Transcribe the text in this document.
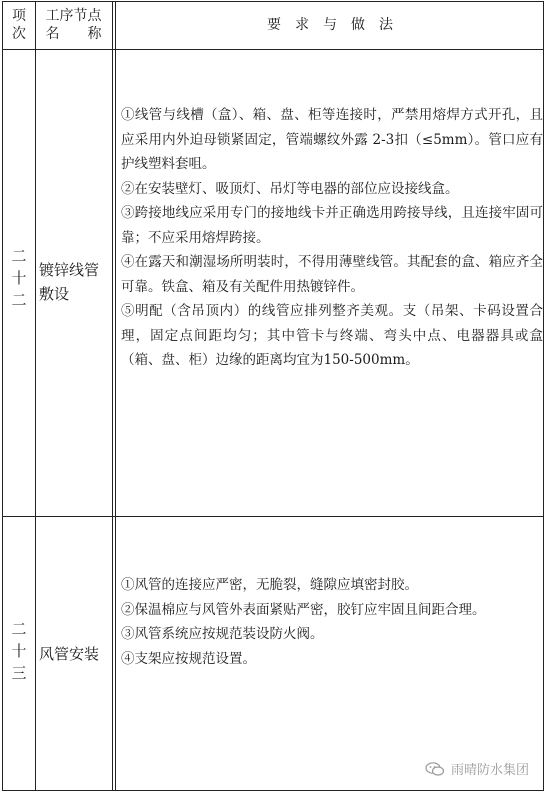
项
次
工序节点
名　　称
要求与做法
二
十
二
镀锌线管
敷设

①线管与线槽（盒）、箱、盘、柜等连接时，严禁用熔焊方式开孔，且应采用内外迫母锁紧固定，管端螺纹外露 2-3扣（≤5mm）。管口应有护线塑料套咀。

②在安装壁灯、吸顶灯、吊灯等电器的部位应设接线盒。

③跨接地线应采用专门的接地线卡并正确选用跨接导线，且连接牢固可靠；不应采用熔焊跨接。

④在露天和潮湿场所明装时，不得用薄壁线管。其配套的盒、箱应齐全可靠。铁盒、箱及有关配件用热镀锌件。

⑤明配（含吊顶内）的线管应排列整齐美观。支（吊架、卡码设置合理，固定点间距均匀；其中管卡与终端、弯头中点、电器器具或盒（箱、盘、柜）边缘的距离均宜为150-500mm。

二
十
三
风管安装

①风管的连接应严密，无脆裂，缝隙应填密封胶。

②保温棉应与风管外表面紧贴严密，胶钉应牢固且间距合理。

③风管系统应按规范装设防火阀。

④支架应按规范设置。

雨晴防水集团
